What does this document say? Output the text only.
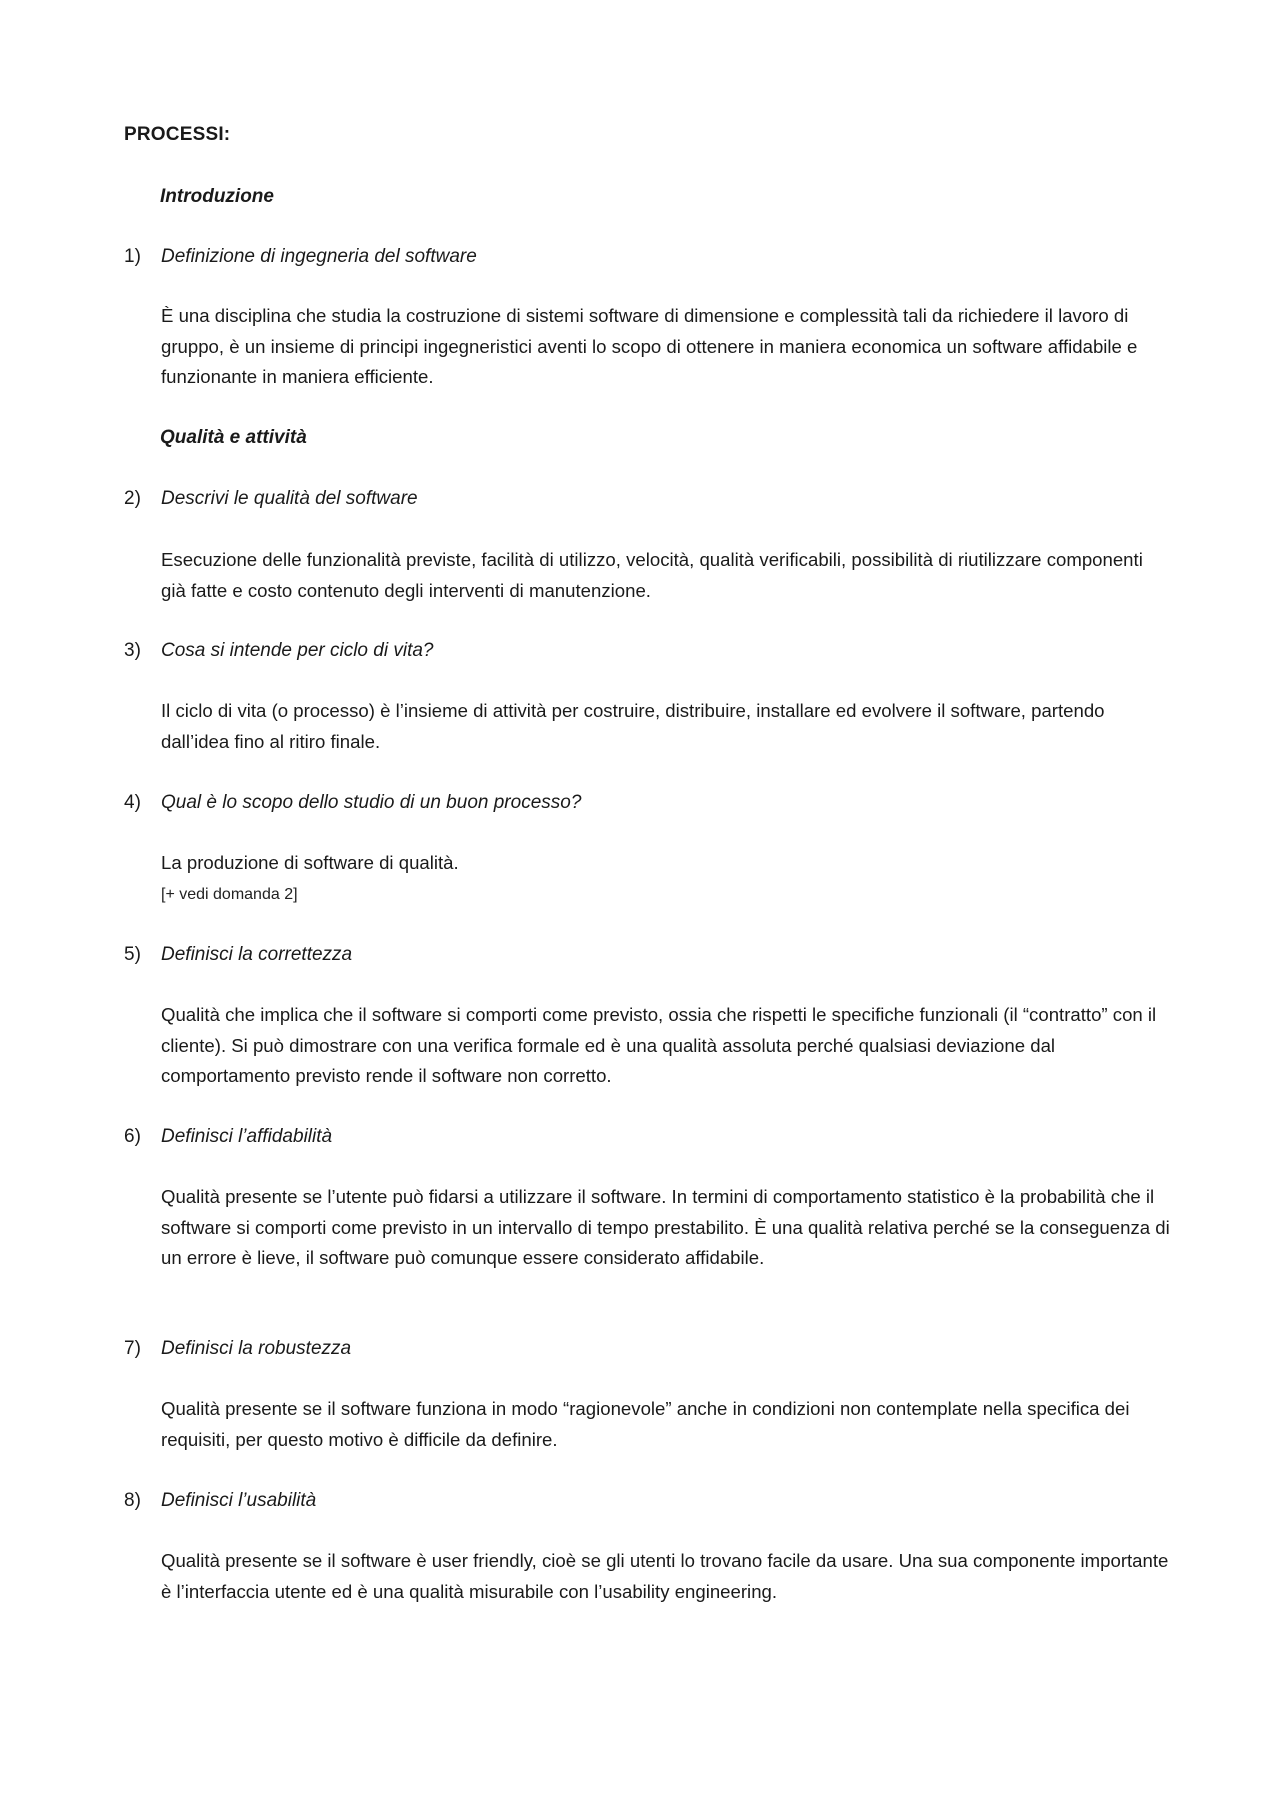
PROCESSI:
Introduzione
1) Definizione di ingegneria del software
È una disciplina che studia la costruzione di sistemi software di dimensione e complessità tali da richiedere il lavoro di gruppo, è un insieme di principi ingegneristici aventi lo scopo di ottenere in maniera economica un software affidabile e funzionante in maniera efficiente.
Qualità e attività
2) Descrivi le qualità del software
Esecuzione delle funzionalità previste, facilità di utilizzo, velocità, qualità verificabili, possibilità di riutilizzare componenti già fatte e costo contenuto degli interventi di manutenzione.
3) Cosa si intende per ciclo di vita?
Il ciclo di vita (o processo) è l’insieme di attività per costruire, distribuire, installare ed evolvere il software, partendo dall’idea fino al ritiro finale.
4) Qual è lo scopo dello studio di un buon processo?
La produzione di software di qualità.
[+ vedi domanda 2]
5) Definisci la correttezza
Qualità che implica che il software si comporti come previsto, ossia che rispetti le specifiche funzionali (il “contratto” con il cliente). Si può dimostrare con una verifica formale ed è una qualità assoluta perché qualsiasi deviazione dal comportamento previsto rende il software non corretto.
6) Definisci l’affidabilità
Qualità presente se l’utente può fidarsi a utilizzare il software. In termini di comportamento statistico è la probabilità che il software si comporti come previsto in un intervallo di tempo prestabilito. È una qualità relativa perché se la conseguenza di un errore è lieve, il software può comunque essere considerato affidabile.
7) Definisci la robustezza
Qualità presente se il software funziona in modo “ragionevole” anche in condizioni non contemplate nella specifica dei requisiti, per questo motivo è difficile da definire.
8) Definisci l’usabilità
Qualità presente se il software è user friendly, cioè se gli utenti lo trovano facile da usare. Una sua componente importante è l’interfaccia utente ed è una qualità misurabile con l’usability engineering.
